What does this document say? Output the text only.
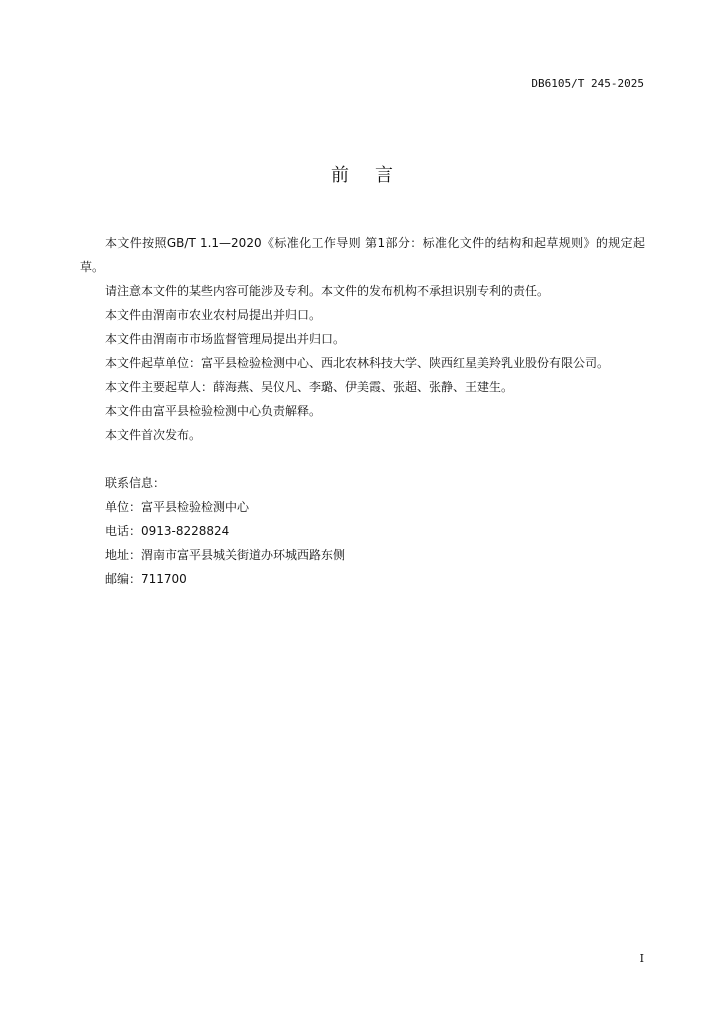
DB6105/T 245-2025
前言

本文件按照GB/T 1.1—2020《标准化工作导则 第1部分：标准化文件的结构和起草规则》的规定起草。

请注意本文件的某些内容可能涉及专利。本文件的发布机构不承担识别专利的责任。

本文件由渭南市农业农村局提出并归口。

本文件由渭南市市场监督管理局提出并归口。

本文件起草单位：富平县检验检测中心、西北农林科技大学、陕西红星美羚乳业股份有限公司。

本文件主要起草人：薛海燕、吴仪凡、李璐、伊美霞、张超、张静、王建生。

本文件由富平县检验检测中心负责解释。

本文件首次发布。

联系信息：

单位：富平县检验检测中心

电话：0913-8228824

地址：渭南市富平县城关街道办环城西路东侧

邮编：711700

I
